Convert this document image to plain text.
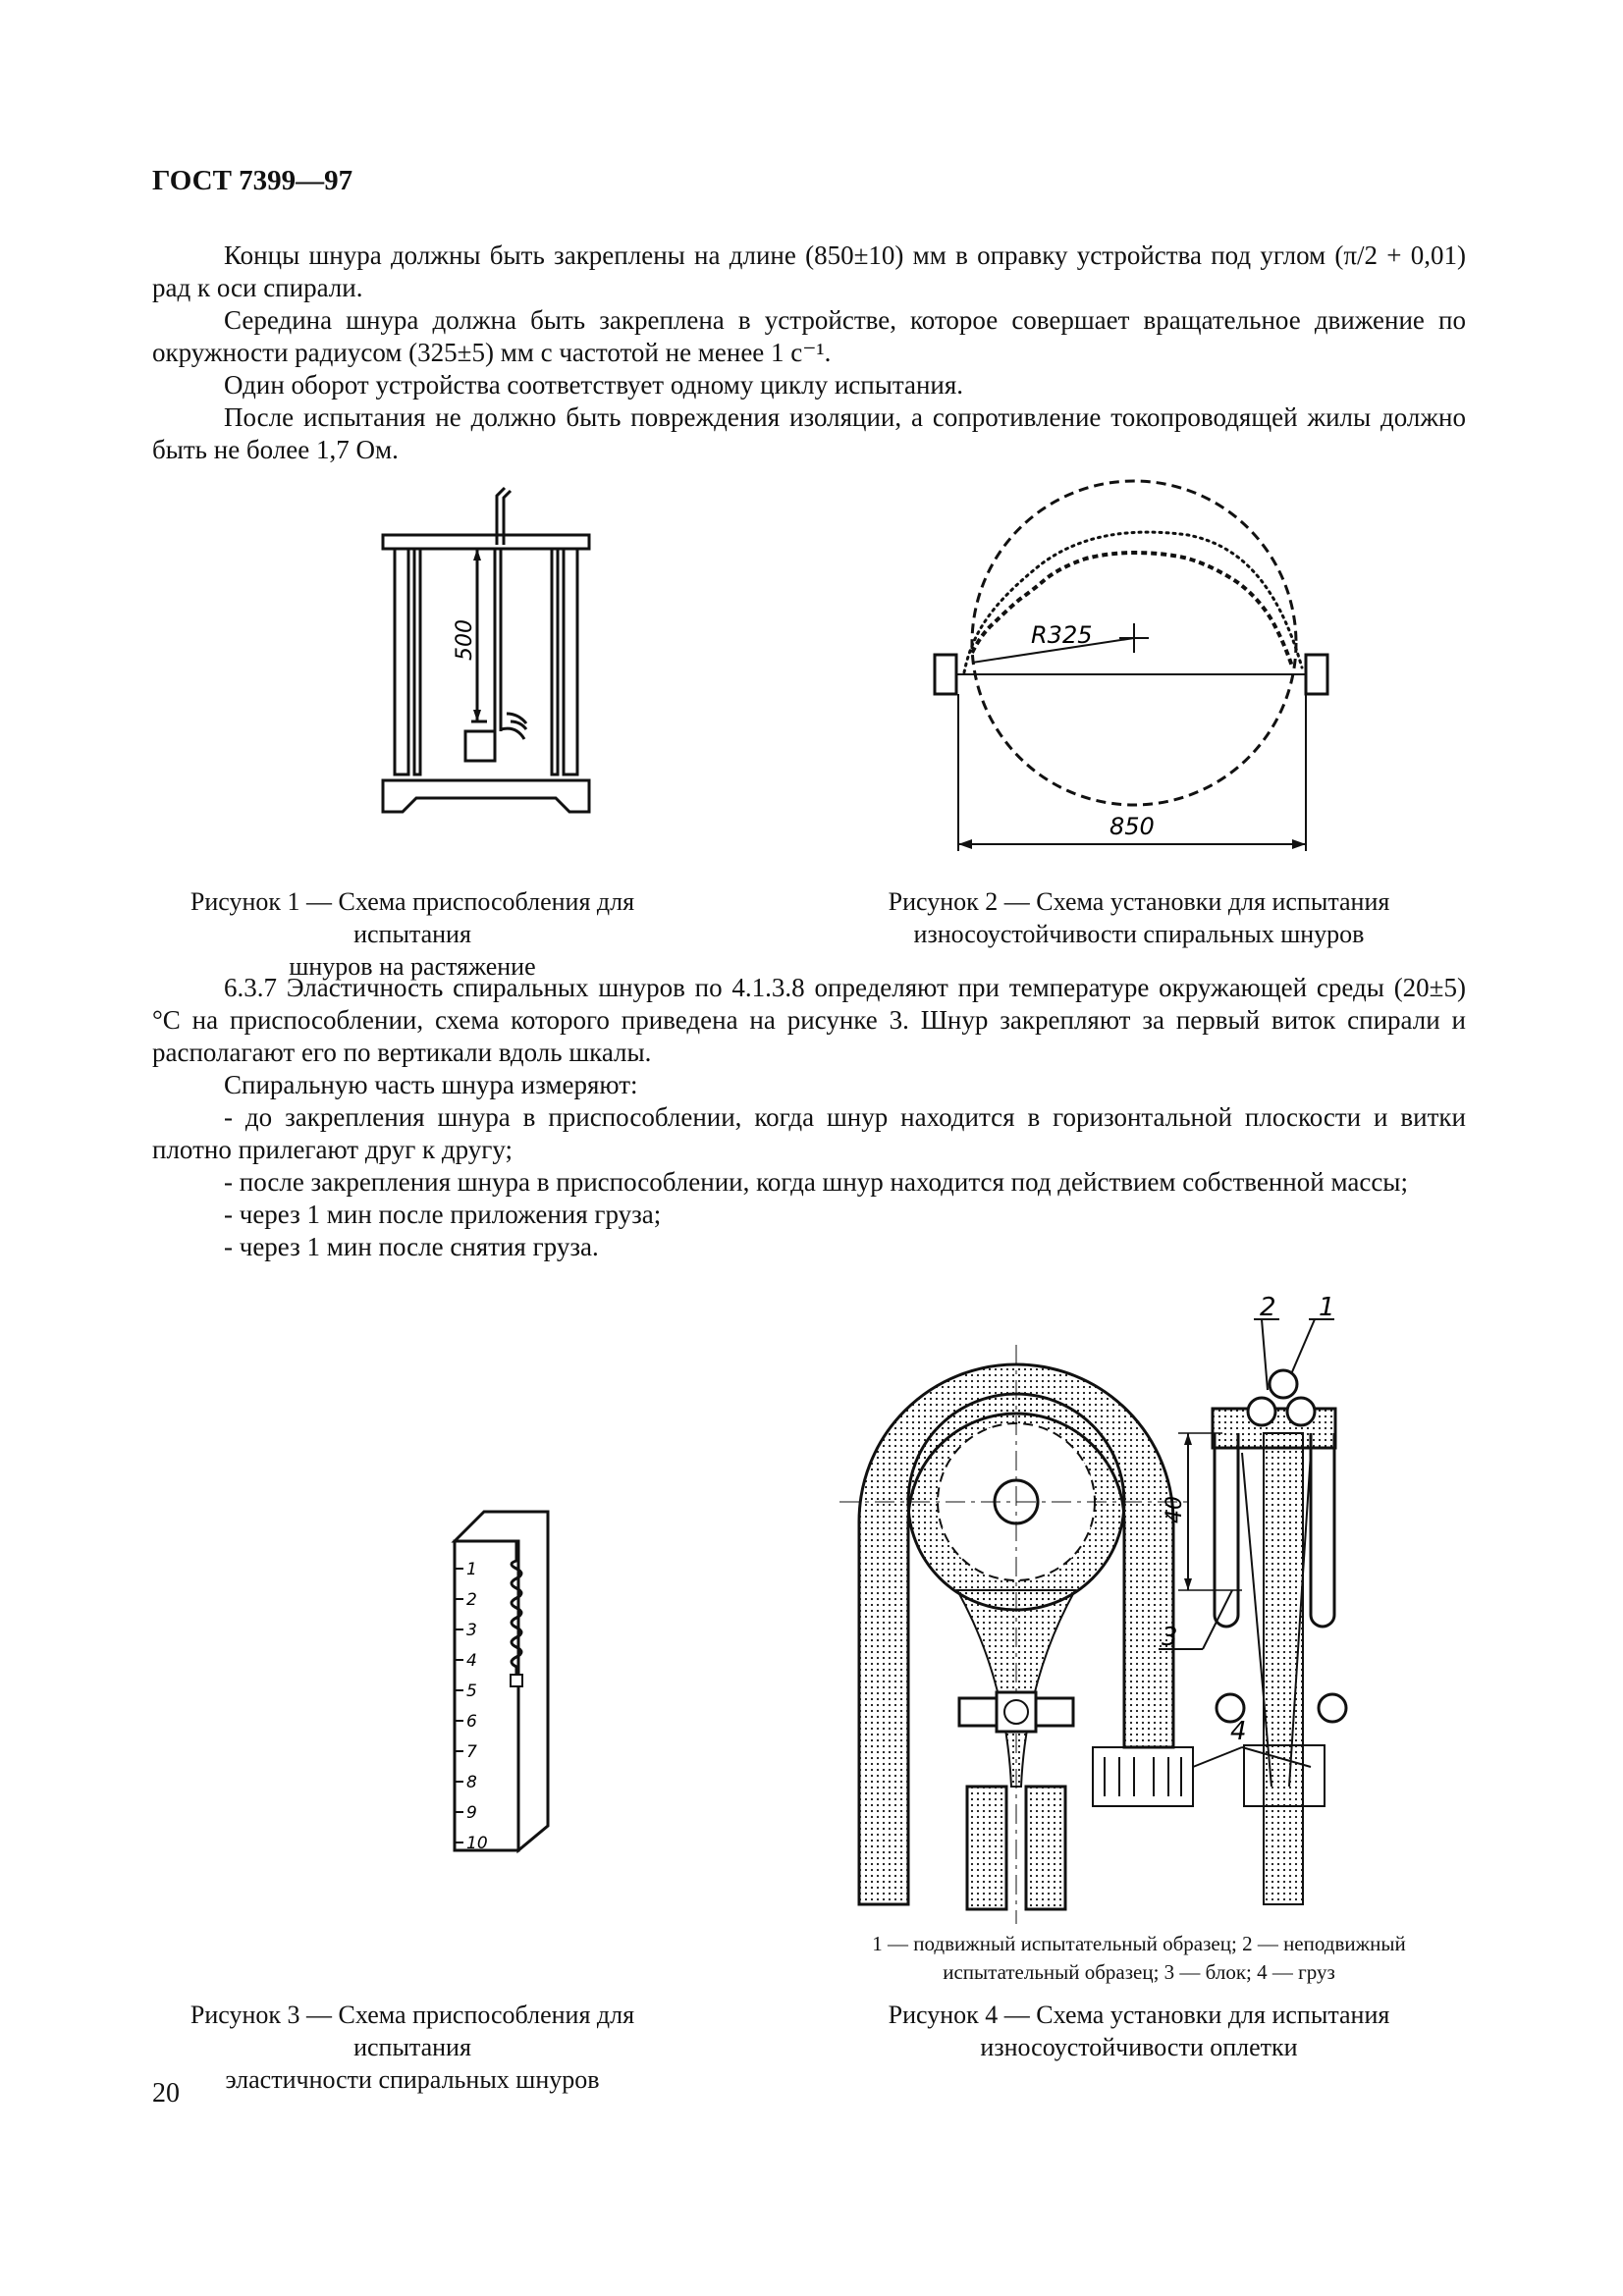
ГОСТ 7399—97

Концы шнура должны быть закреплены на длине (850±10) мм в оправку устройства под углом (π/2 + 0,01) рад к оси спирали.

Середина шнура должна быть закреплена в устройстве, которое совершает вращательное движение по окружности радиусом (325±5) мм с частотой не менее 1 с⁻¹.

Один оборот устройства соответствует одному циклу испытания.

После испытания не должно быть повреждения изоляции, а сопротивление токопроводящей жилы должно быть не более 1,7 Ом.

500	R325
850
Рисунок 1 — Схема приспособления для испытания
шнуров на растяжение
Рисунок 2 — Схема установки для испытания
износоустойчивости спиральных шнуров

6.3.7 Эластичность спиральных шнуров по 4.1.3.8 определяют при температуре окружающей среды (20±5) °С на приспособлении, схема которого приведена на рисунке 3. Шнур закрепляют за первый виток спирали и располагают его по вертикали вдоль шкалы.

Спиральную часть шнура измеряют:

- до закрепления шнура в приспособлении, когда шнур находится в горизонтальной плоскости и витки плотно прилегают друг к другу;

- после закрепления шнура в приспособлении, когда шнур находится под действием собственной массы;

- через 1 мин после приложения груза;

- через 1 мин после снятия груза.

1
2
3
4
5
6
7
8
9
10
40
2 1
3
4
1 — подвижный испытательный образец; 2 — неподвижный
испытательный образец; 3 — блок; 4 — груз
Рисунок 3 — Схема приспособления для испытания
эластичности спиральных шнуров
Рисунок 4 — Схема установки для испытания
износоустойчивости оплетки
20
